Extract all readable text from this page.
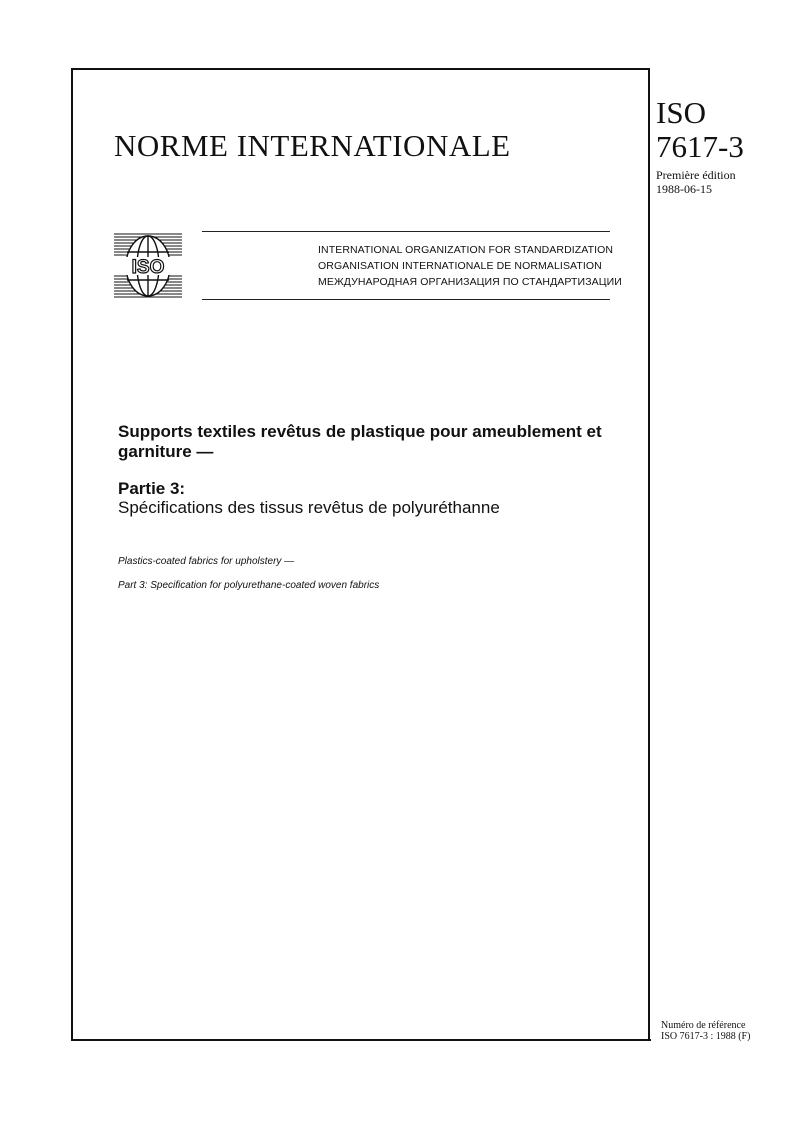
NORME INTERNATIONALE
ISO
7617-3
Première édition
1988-06-15
ISO
INTERNATIONAL ORGANIZATION FOR STANDARDIZATION
ORGANISATION INTERNATIONALE DE NORMALISATION
МЕЖДУНАРОДНАЯ ОРГАНИЗАЦИЯ ПО СТАНДАРТИЗАЦИИ
Supports textiles revêtus de plastique pour ameublement et garniture —
Partie 3:
Spécifications des tissus revêtus de polyuréthanne
Plastics-coated fabrics for upholstery —
Part 3: Specification for polyurethane-coated woven fabrics
Numéro de référence
ISO 7617-3 : 1988 (F)
